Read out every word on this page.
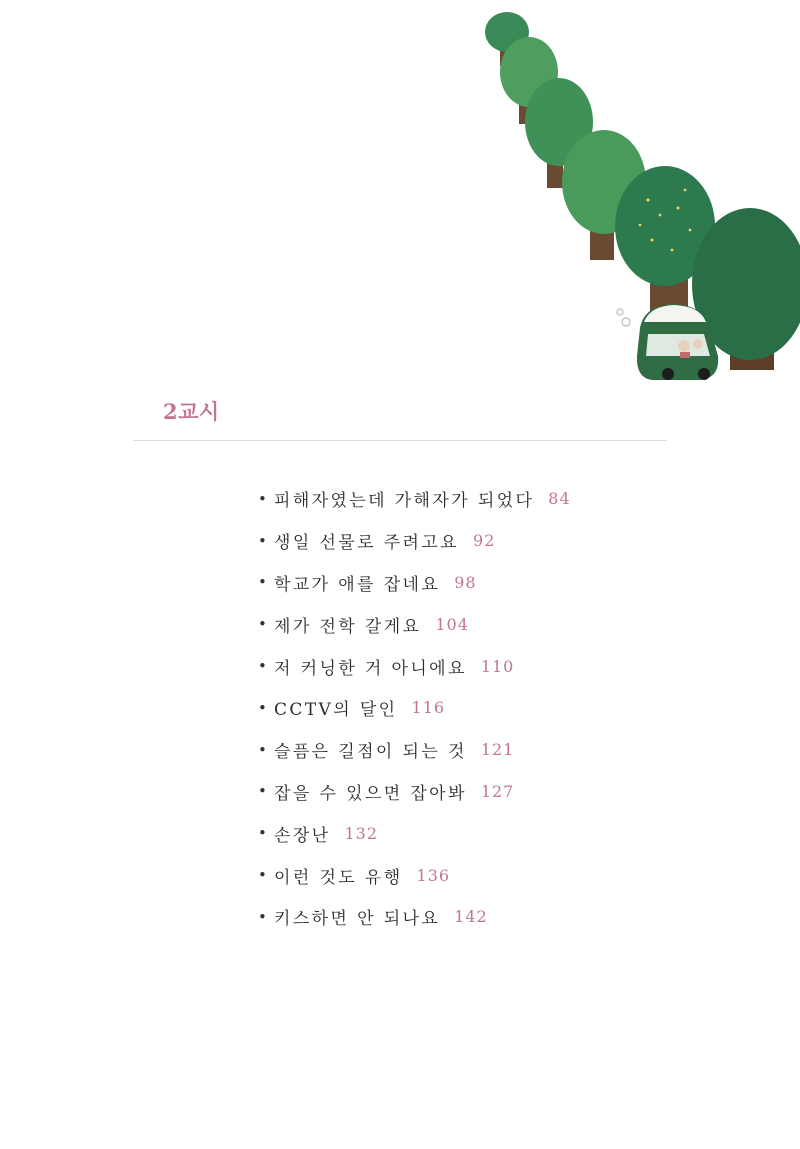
2교시
• 피해자였는데 가해자가 되었다 84
• 생일 선물로 주려고요 92
• 학교가 애를 잡네요 98
• 제가 전학 갈게요 104
• 저 커닝한 거 아니에요 110
• CCTV의 달인 116
• 슬픔은 길점이 되는 것 121
• 잡을 수 있으면 잡아봐 127
• 손장난 132
• 이런 것도 유행 136
• 키스하면 안 되나요 142
